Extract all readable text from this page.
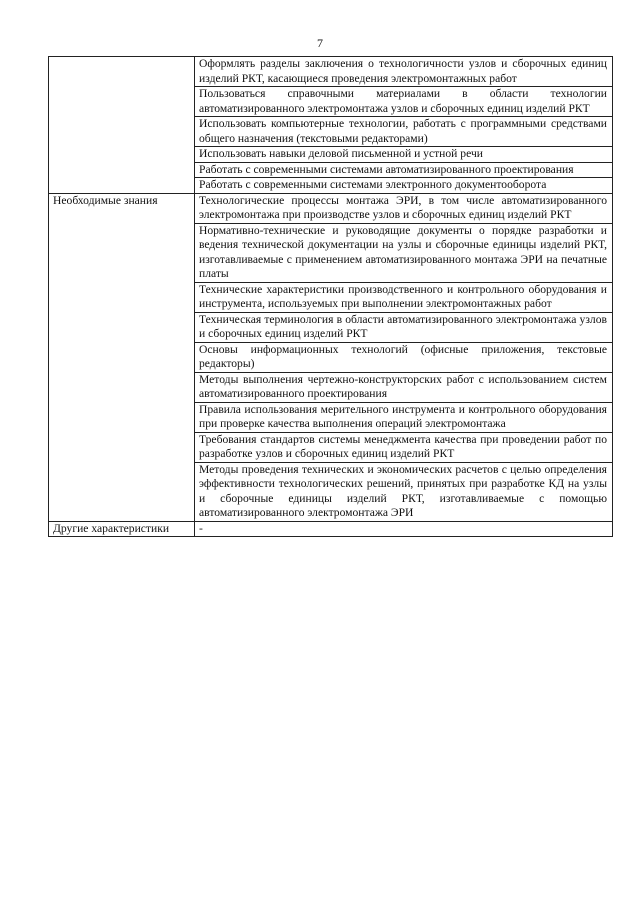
7
	Оформлять разделы заключения о технологичности узлов и сборочных единиц изделий РКТ, касающиеся проведения электромонтажных работ
	Пользоваться справочными материалами в области технологии автоматизированного электромонтажа узлов и сборочных единиц изделий РКТ
	Использовать компьютерные технологии, работать с программными средствами общего назначения (текстовыми редакторами)
	Использовать навыки деловой письменной и устной речи
	Работать с современными системами автоматизированного проектирования
	Работать с современными системами электронного документооборота
Необходимые знания	Технологические процессы монтажа ЭРИ, в том числе автоматизированного электромонтажа при производстве узлов и сборочных единиц изделий РКТ
	Нормативно-технические и руководящие документы о порядке разработки и ведения технической документации на узлы и сборочные единицы изделий РКТ, изготавливаемые с применением автоматизированного монтажа ЭРИ на печатные платы
	Технические характеристики производственного и контрольного оборудования и инструмента, используемых при выполнении электромонтажных работ
	Техническая терминология в области автоматизированного электромонтажа узлов и сборочных единиц изделий РКТ
	Основы информационных технологий (офисные приложения, текстовые редакторы)
	Методы выполнения чертежно-конструкторских работ с использованием систем автоматизированного проектирования
	Правила использования мерительного инструмента и контрольного оборудования при проверке качества выполнения операций электромонтажа
	Требования стандартов системы менеджмента качества при проведении работ по разработке узлов и сборочных единиц изделий РКТ
	Методы проведения технических и экономических расчетов с целью определения эффективности технологических решений, принятых при разработке КД на узлы и сборочные единицы изделий РКТ, изготавливаемые с помощью автоматизированного электромонтажа ЭРИ
Другие характеристики	-
